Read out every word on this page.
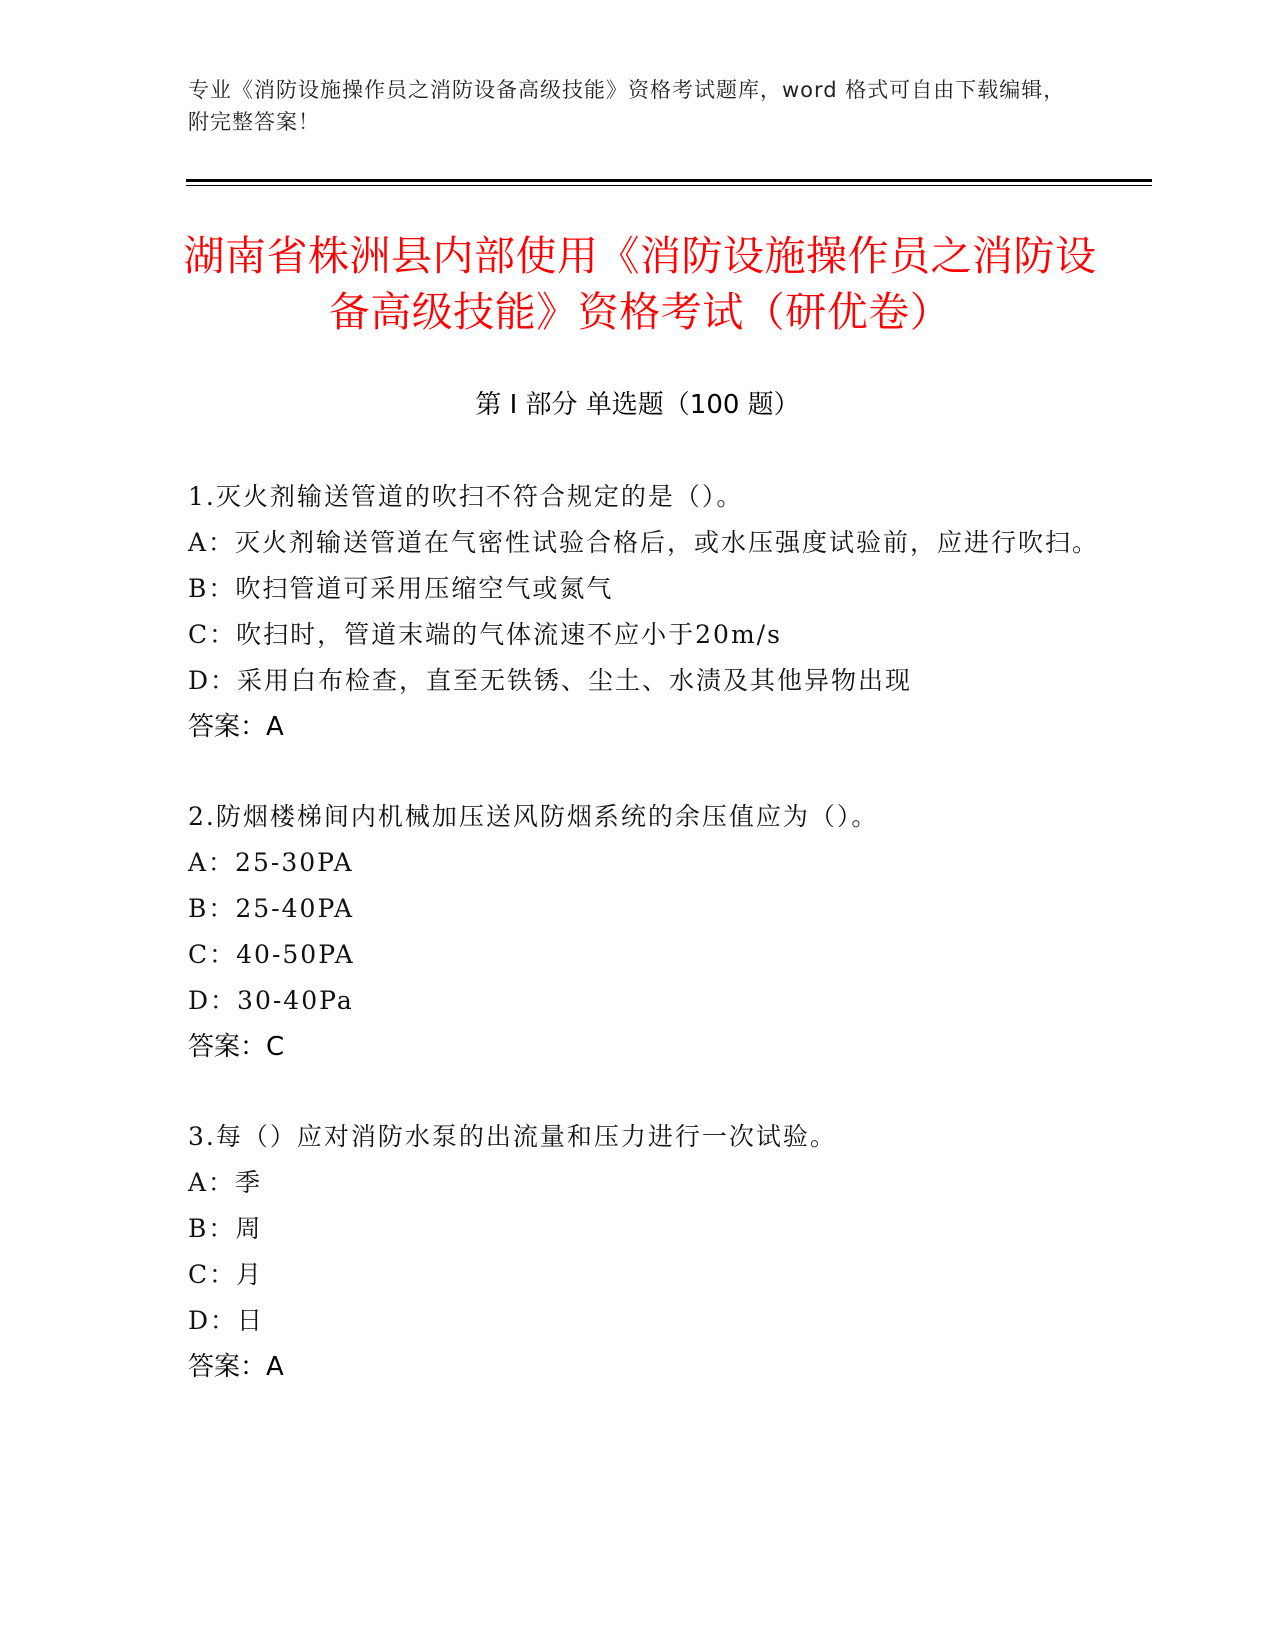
专业《消防设施操作员之消防设备高级技能》资格考试题库，word 格式可自由下载编辑，附完整答案！
湖南省株洲县内部使用《消防设施操作员之消防设备高级技能》资格考试（研优卷）
第 I 部分 单选题（100 题）
1.灭火剂输送管道的吹扫不符合规定的是（）。
A：灭火剂输送管道在气密性试验合格后，或水压强度试验前，应进行吹扫。
B：吹扫管道可采用压缩空气或氮气
C：吹扫时，管道末端的气体流速不应小于20m/s
D：采用白布检查，直至无铁锈、尘土、水渍及其他异物出现
答案：A
2.防烟楼梯间内机械加压送风防烟系统的余压值应为（）。
A：25-30PA
B：25-40PA
C：40-50PA
D：30-40Pa
答案：C
3.每（）应对消防水泵的出流量和压力进行一次试验。
A：季
B：周
C：月
D：日
答案：A
